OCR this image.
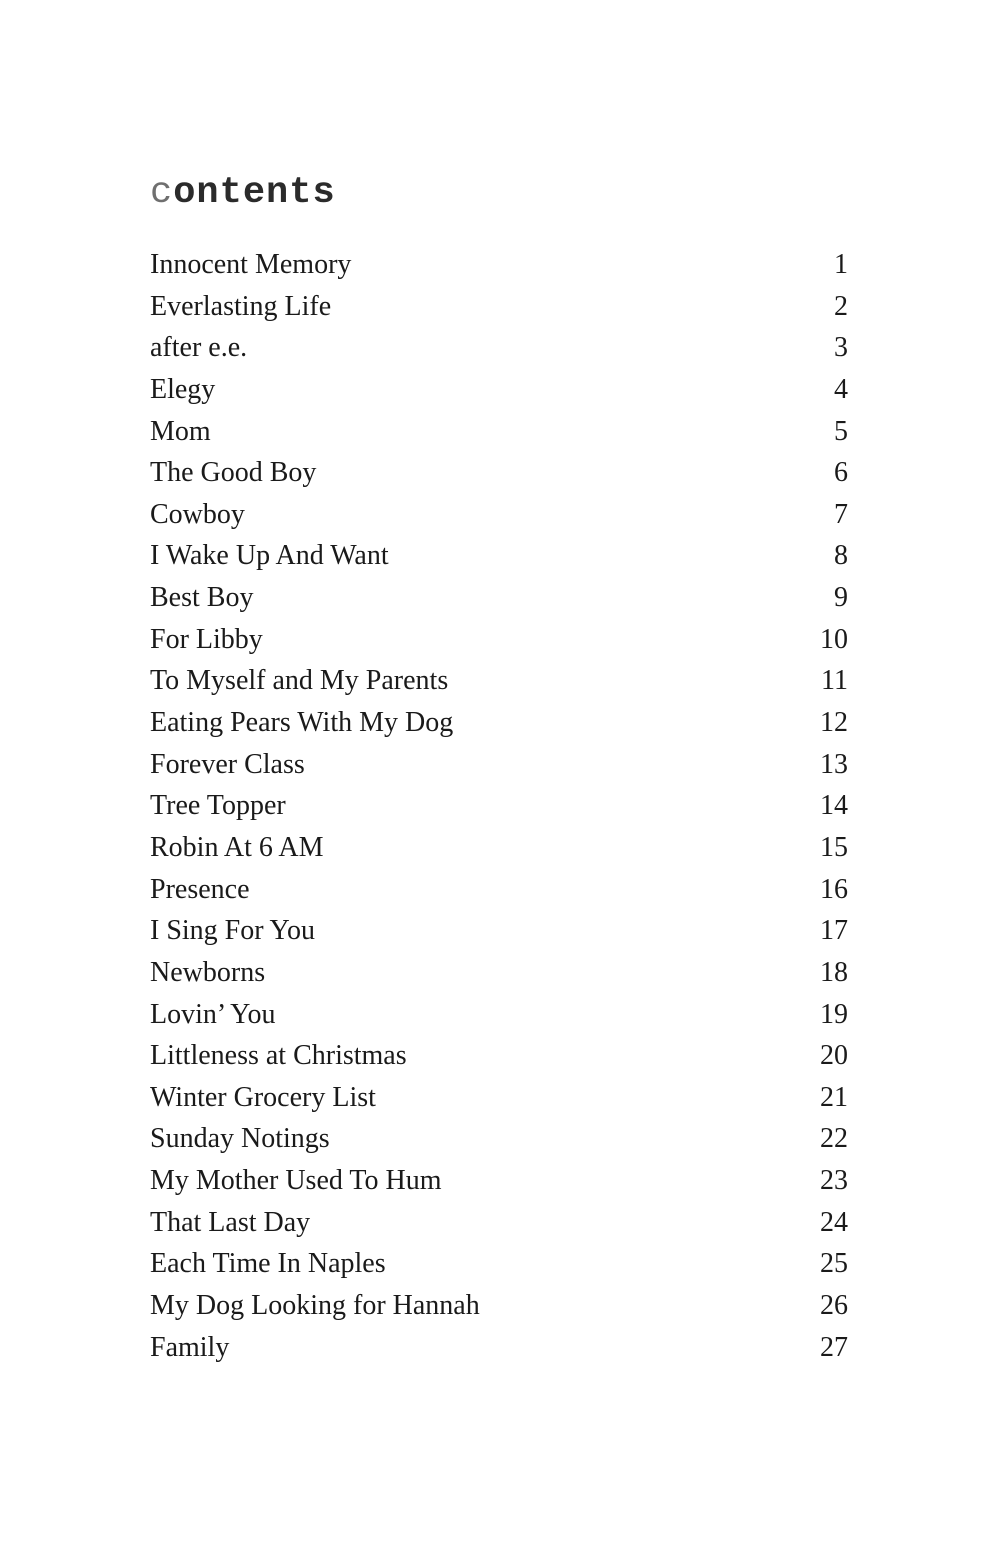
contents
Innocent Memory	1
Everlasting Life	2
after e.e.	3
Elegy	4
Mom	5
The Good Boy	6
Cowboy	7
I Wake Up And Want	8
Best Boy	9
For Libby	10
To Myself and My Parents	11
Eating Pears With My Dog	12
Forever Class	13
Tree Topper	14
Robin At 6 AM	15
Presence	16
I Sing For You	17
Newborns	18
Lovin’ You	19
Littleness at Christmas	20
Winter Grocery List	21
Sunday Notings	22
My Mother Used To Hum	23
That Last Day	24
Each Time In Naples	25
My Dog Looking for Hannah	26
Family	27
